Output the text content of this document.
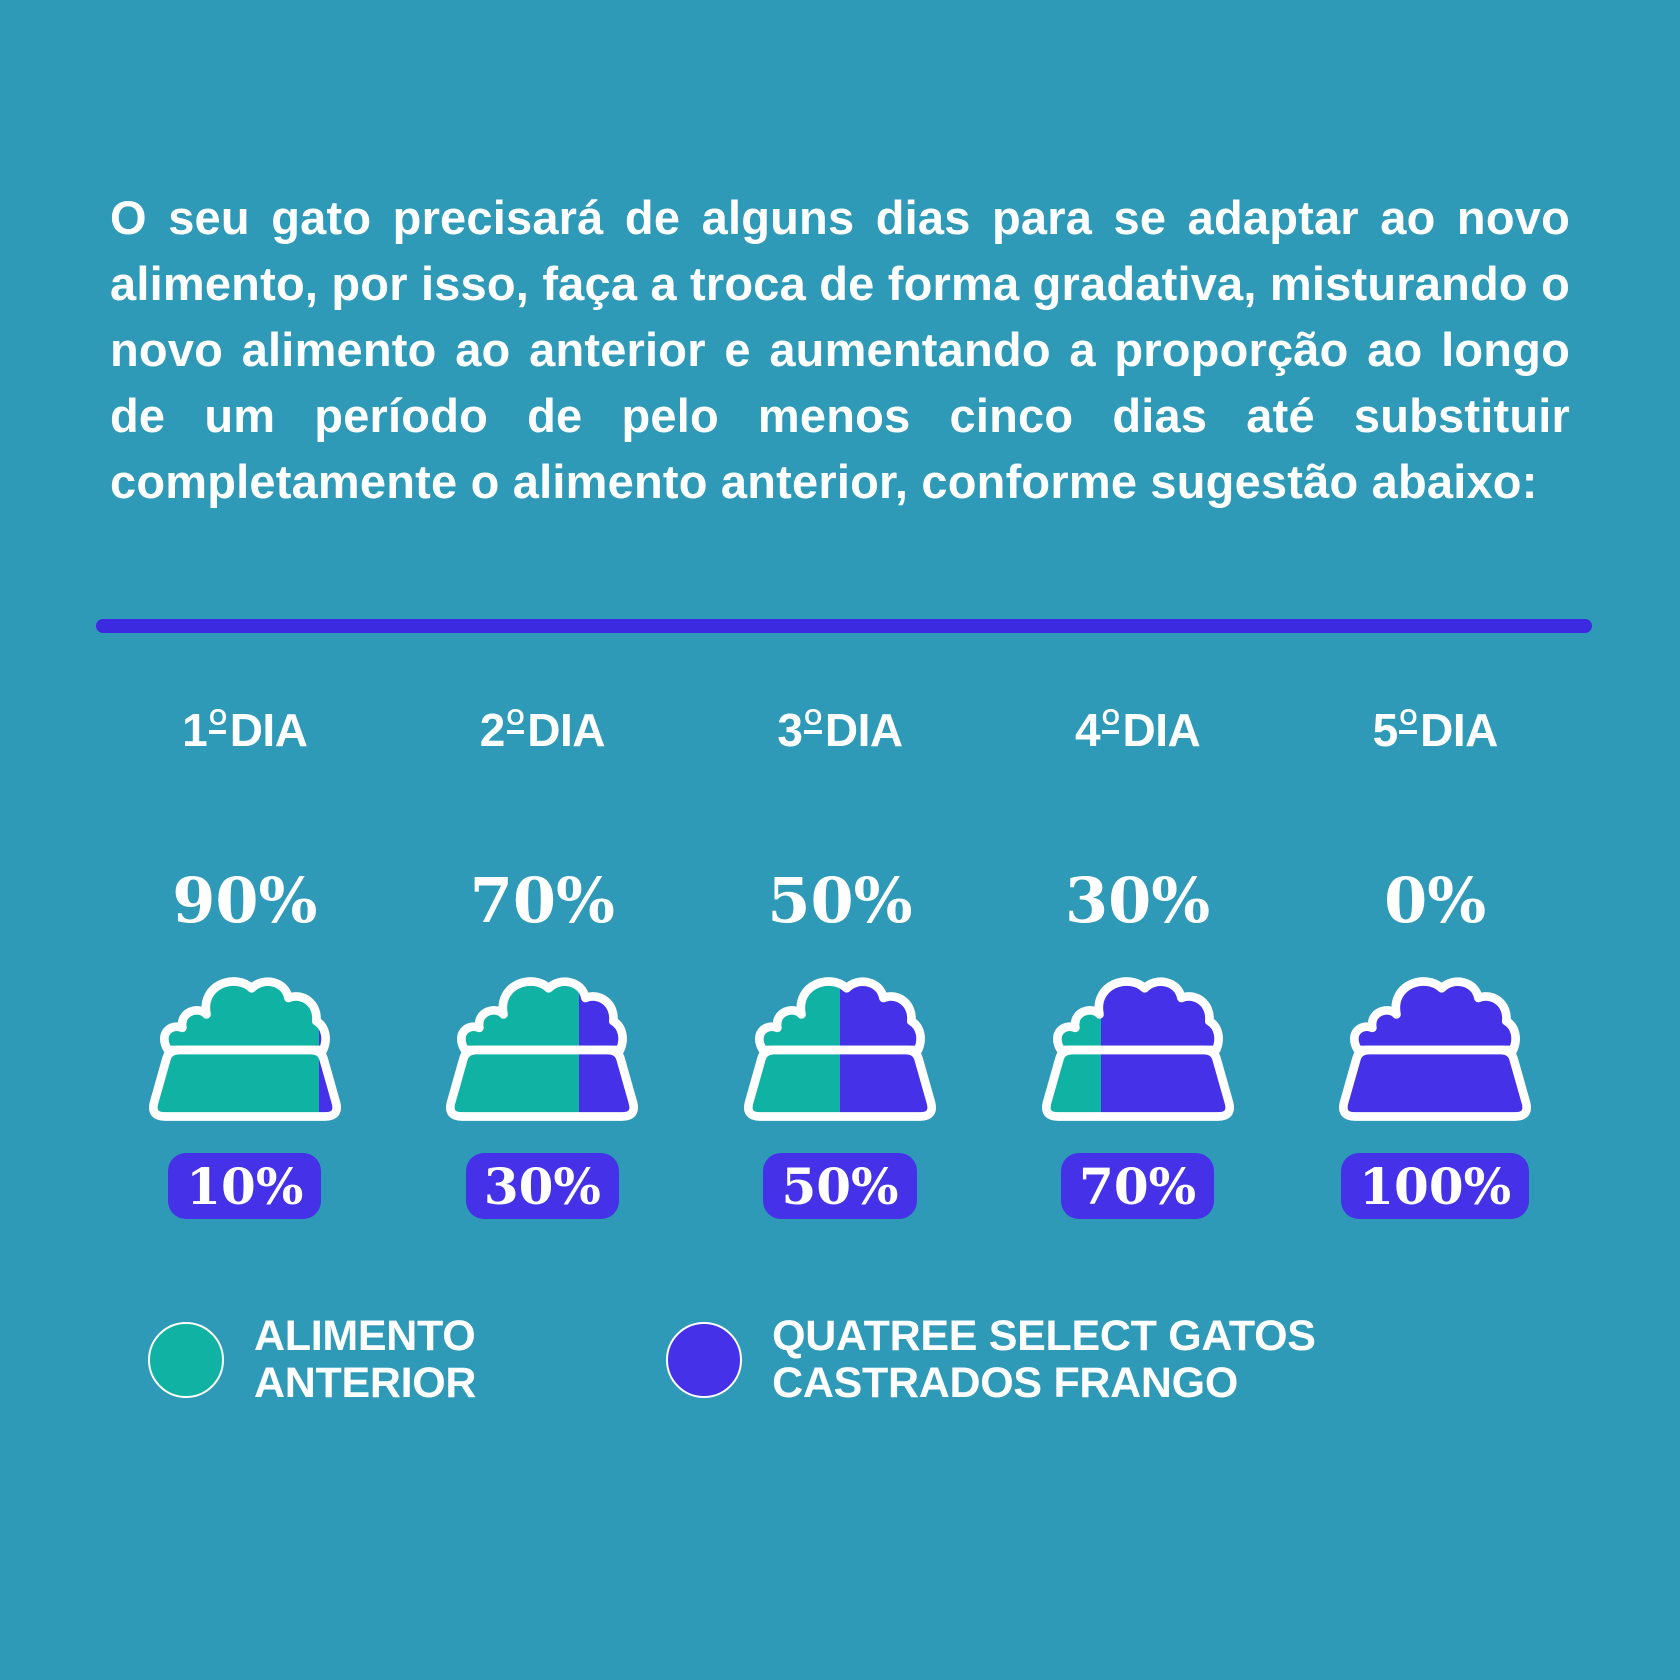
O seu gato precisará de alguns dias para se adaptar ao novo alimento, por isso, faça a troca de forma gradativa, misturando o novo alimento ao anterior e aumentando a proporção ao longo de um período de pelo menos cinco dias até substituir completamente o alimento anterior, conforme sugestão abaixo:

1ODIA
90%
10%
2ODIA
70%
30%
3ODIA
50%
50%
4ODIA
30%
70%
5ODIA
0%
100%
ALIMENTO
ANTERIOR
QUATREE SELECT GATOS
CASTRADOS FRANGO
